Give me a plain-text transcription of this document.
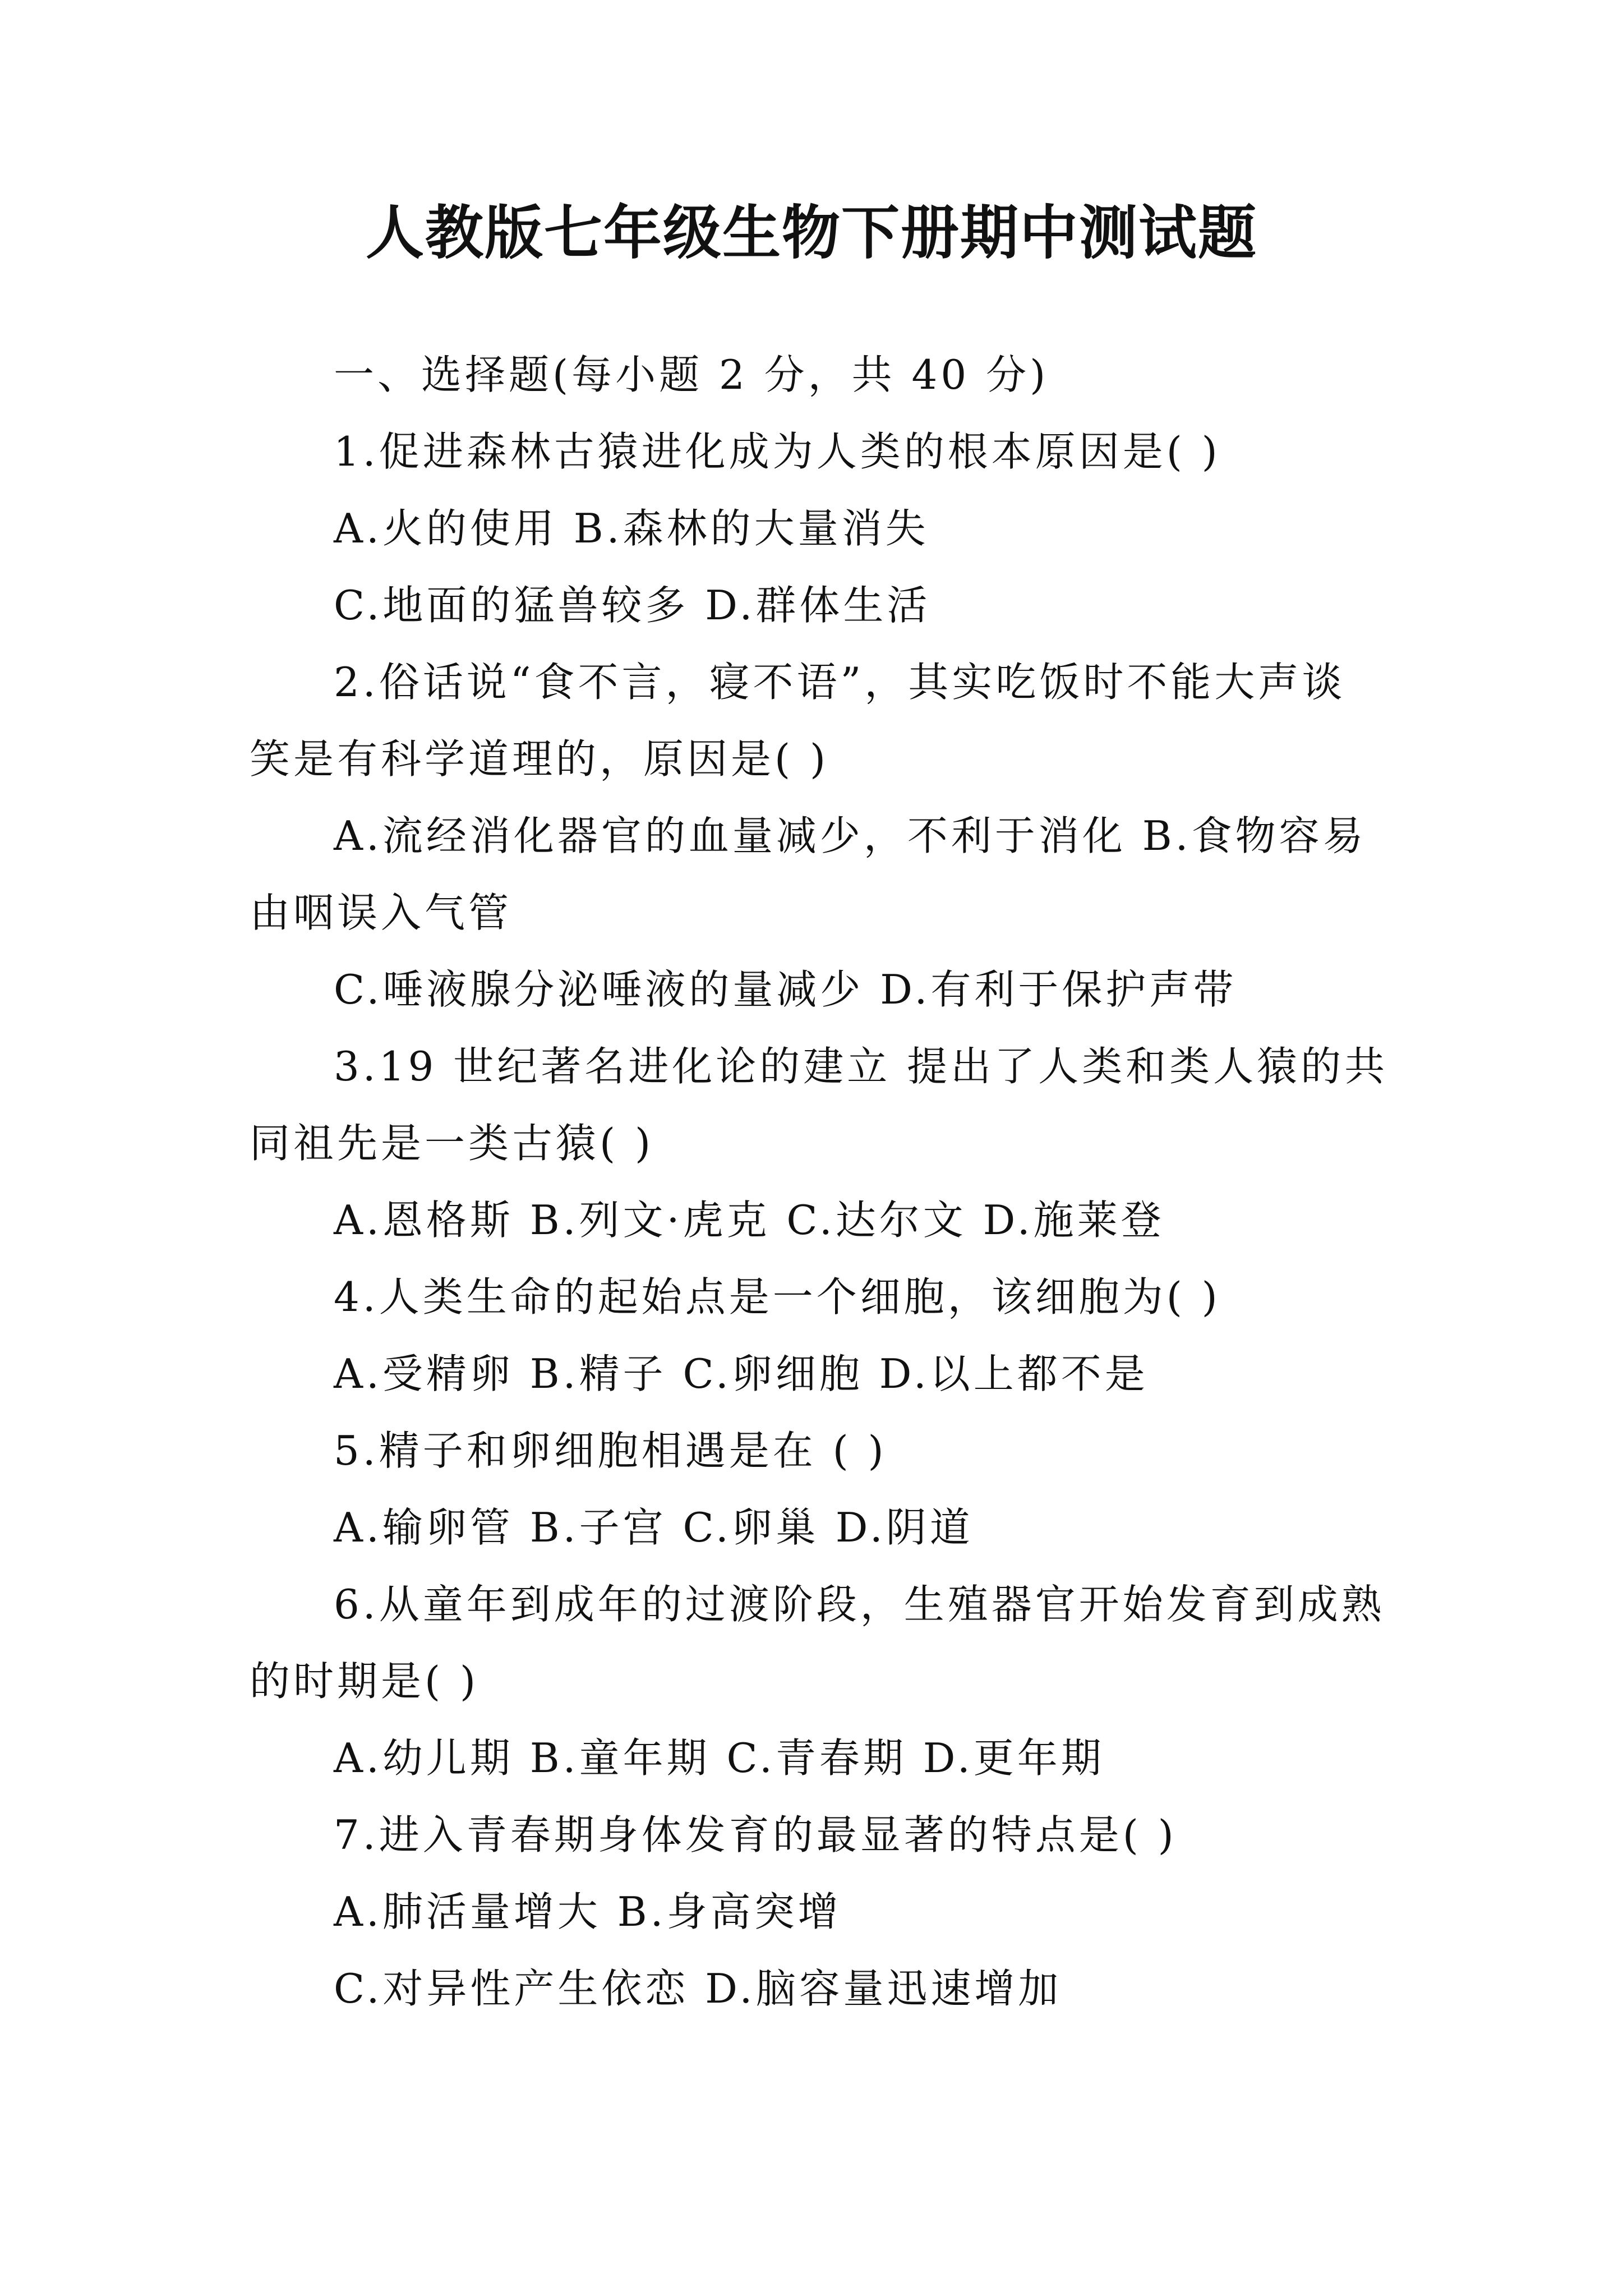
人教版七年级生物下册期中测试题
一、选择题(每小题 2 分，共 40 分)
1.促进森林古猿进化成为人类的根本原因是( )
A.火的使用 B.森林的大量消失
C.地面的猛兽较多 D.群体生活
2.俗话说“食不言，寝不语”，其实吃饭时不能大声谈
笑是有科学道理的，原因是( )
A.流经消化器官的血量减少，不利于消化 B.食物容易
由咽误入气管
C.唾液腺分泌唾液的量减少 D.有利于保护声带
3.19 世纪著名进化论的建立 提出了人类和类人猿的共
同祖先是一类古猿( )
A.恩格斯 B.列文·虎克 C.达尔文 D.施莱登
4.人类生命的起始点是一个细胞，该细胞为( )
A.受精卵 B.精子 C.卵细胞 D.以上都不是
5.精子和卵细胞相遇是在 ( )
A.输卵管 B.子宫 C.卵巢 D.阴道
6.从童年到成年的过渡阶段，生殖器官开始发育到成熟
的时期是( )
A.幼儿期 B.童年期 C.青春期 D.更年期
7.进入青春期身体发育的最显著的特点是( )
A.肺活量增大 B.身高突增
C.对异性产生依恋 D.脑容量迅速增加
